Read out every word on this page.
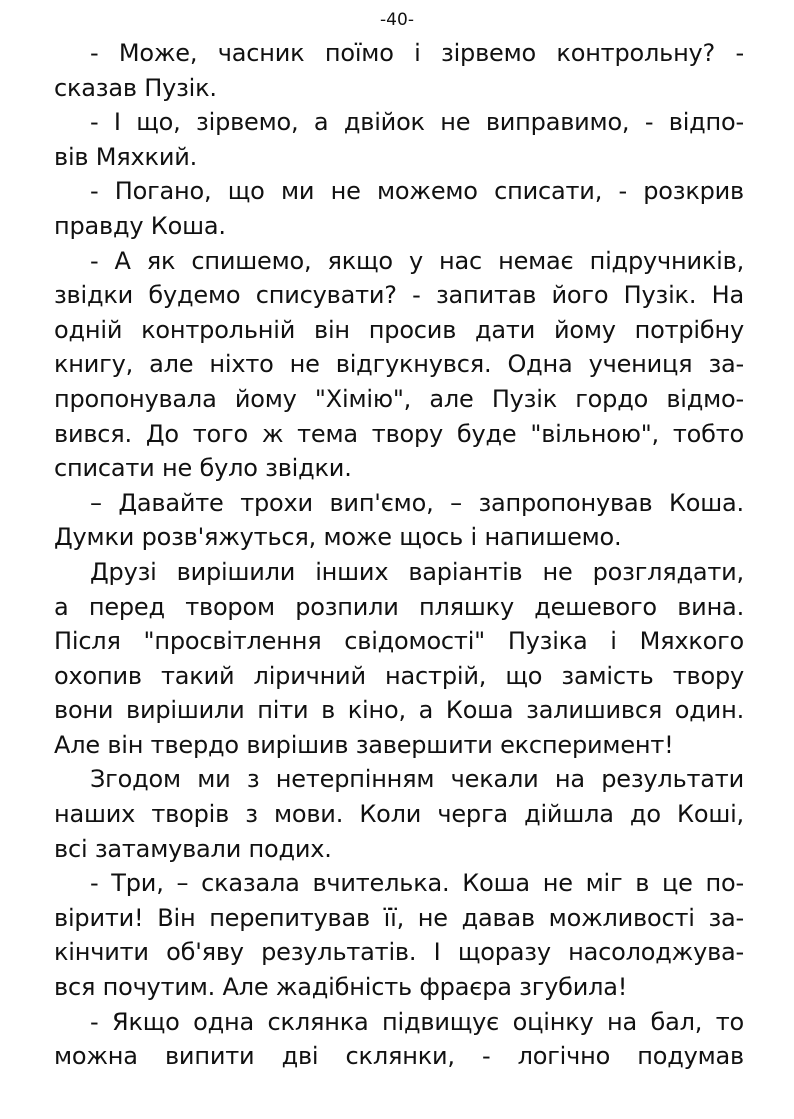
-40-
- Може, часник поїмо і зірвемо контрольну? -
сказав Пузік.
- І що, зірвемо, а двійок не виправимо, - відпо-
вів Мяхкий.
- Погано, що ми не можемо списати, - розкрив
правду Коша.
- А як спишемо, якщо у нас немає підручників,
звідки будемо списувати? - запитав його Пузік. На
одній контрольній він просив дати йому потрібну
книгу, але ніхто не відгукнувся. Одна учениця за-
пропонувала йому "Хімію", але Пузік гордо відмо-
вився. До того ж тема твору буде "вільною", тобто
списати не було звідки.
– Давайте трохи вип'ємо, – запропонував Коша.
Думки розв'яжуться, може щось і напишемо.
Друзі вирішили інших варіантів не розглядати,
а перед твором розпили пляшку дешевого вина.
Після "просвітлення свідомості" Пузіка і Мяхкого
охопив такий ліричний настрій, що замість твору
вони вирішили піти в кіно, а Коша залишився один.
Але він твердо вирішив завершити експеримент!
Згодом ми з нетерпінням чекали на результати
наших творів з мови. Коли черга дійшла до Коші,
всі затамували подих.
- Три, – сказала вчителька. Коша не міг в це по-
вірити! Він перепитував її, не давав можливості за-
кінчити об'яву результатів. І щоразу насолоджува-
вся почутим. Але жадібність фраєра згубила!
- Якщо одна склянка підвищує оцінку на бал, то
можна випити дві склянки, - логічно подумав
